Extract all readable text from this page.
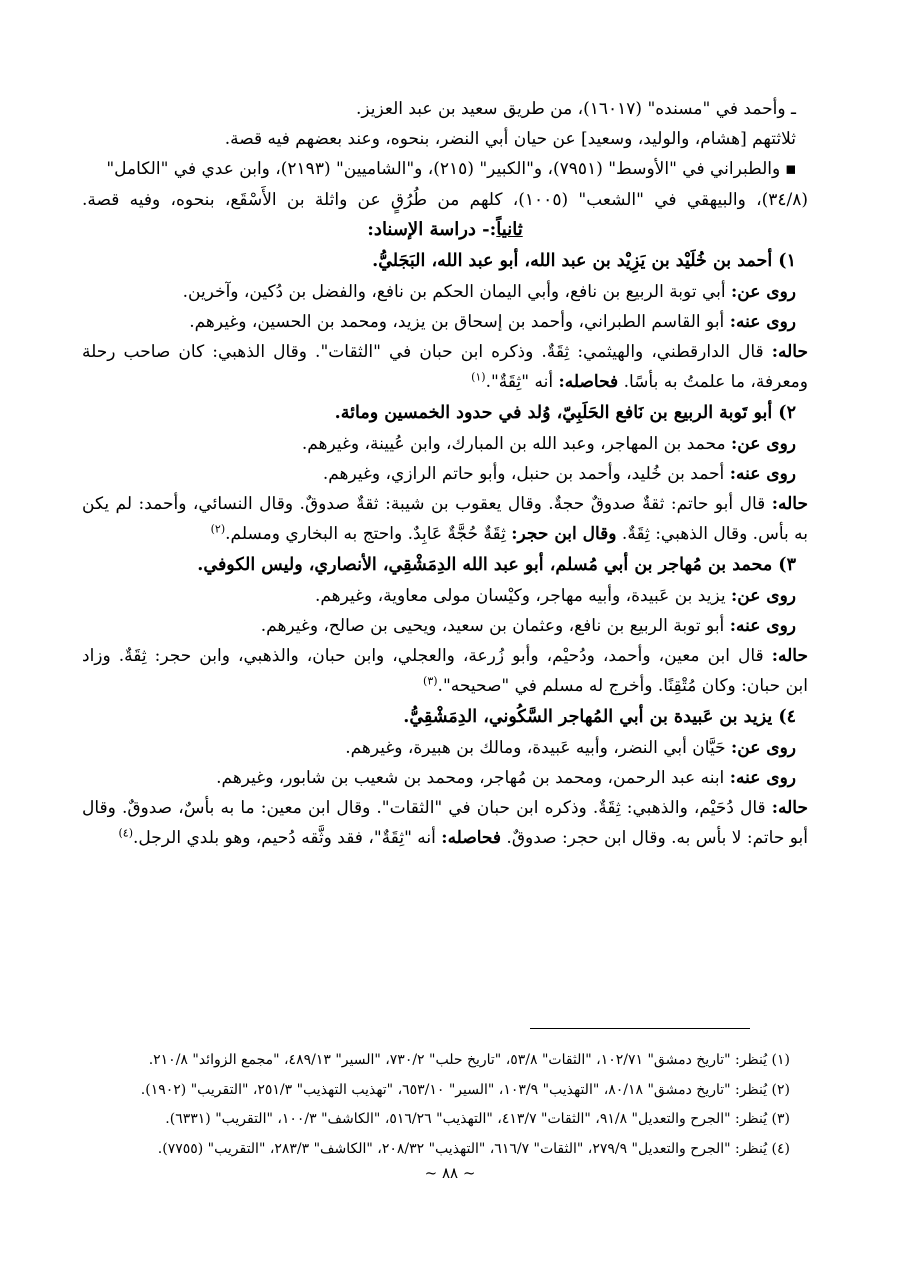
ـ وأحمد في "مسنده" (١٦٠١٧)، من طريق سعيد بن عبد العزيز.
ثلاثتهم [هشام، والوليد، وسعيد] عن حيان أبي النضر، بنحوه، وعند بعضهم فيه قصة.
■ والطبراني في "الأوسط" (٧٩٥١)، و"الكبير" (٢١٥)، و"الشاميين" (٢١٩٣)، وابن عدي في "الكامل"
(٣٤/٨)، والبيهقي في "الشعب" (١٠٠٥)، كلهم من طُرُقٍ عن واثلة بن الأَسْقَع، بنحوه، وفيه قصة.
ثانياً:- دراسة الإسناد:
١) أحمد بن خُلَيْد بن يَزِيْد بن عبد الله، أبو عبد الله، البَجَليُّ.
روى عن: أبي توبة الربيع بن نافع، وأبي اليمان الحكم بن نافع، والفضل بن دُكين، وآخرين.
روى عنه: أبو القاسم الطبراني، وأحمد بن إسحاق بن يزيد، ومحمد بن الحسين، وغيرهم.
حاله: قال الدارقطني، والهيثمي: ثِقَةٌ. وذكره ابن حبان في "الثقات". وقال الذهبي: كان صاحب رحلة
ومعرفة، ما علمتُ به بأسًا. فحاصله: أنه "ثِقَةٌ".$^{(١)}$
٢) أبو تَوبة الربيع بن نَافع الحَلَبِيّ، وُلد في حدود الخمسين ومائة.
روى عن: محمد بن المهاجر، وعبد الله بن المبارك، وابن عُيينة، وغيرهم.
روى عنه: أحمد بن خُليد، وأحمد بن حنبل، وأبو حاتم الرازي، وغيرهم.
حاله: قال أبو حاتم: ثقةٌ صدوقٌ حجةٌ. وقال يعقوب بن شيبة: ثقةٌ صدوقٌ. وقال النسائي، وأحمد: لم يكن
به بأس. وقال الذهبي: ثِقَةٌ. وقال ابن حجر: ثِقَةٌ حُجَّةٌ عَابِدٌ. واحتج به البخاري ومسلم.$^{(٢)}$
٣) محمد بن مُهاجر بن أبي مُسلم، أبو عبد الله الدِمَشْقِي، الأنصاري، وليس الكوفي.
روى عن: يزيد بن عَبيدة، وأبيه مهاجر، وكيْسان مولى معاوية، وغيرهم.
روى عنه: أبو توبة الربيع بن نافع، وعثمان بن سعيد، ويحيى بن صالح، وغيرهم.
حاله: قال ابن معين، وأحمد، ودُحيْم، وأبو زُرعة، والعجلي، وابن حبان، والذهبي، وابن حجر: ثِقَةٌ. وزاد
ابن حبان: وكان مُتْقِنًا. وأخرج له مسلم في "صحيحه".$^{(٣)}$
٤) يزيد بن عَبيدة بن أبي المُهاجر السَّكُوني، الدِمَشْقِيُّ.
روى عن: حَيَّان أبي النضر، وأبيه عَبيدة، ومالك بن هبيرة، وغيرهم.
روى عنه: ابنه عبد الرحمن، ومحمد بن مُهاجر، ومحمد بن شعيب بن شابور، وغيرهم.
حاله: قال دُحَيْم، والذهبي: ثِقَةٌ. وذكره ابن حبان في "الثقات". وقال ابن معين: ما به بأسٌ، صدوقٌ. وقال
أبو حاتم: لا بأس به. وقال ابن حجر: صدوقٌ. فحاصله: أنه "ثِقَةٌ"، فقد وثَّقه دُحيم، وهو بلدي الرجل.$^{(٤)}$
(١) يُنظر: "تاريخ دمشق" ١٠٢/٧١، "الثقات" ٥٣/٨، "تاريخ حلب" ٧٣٠/٢، "السير" ٤٨٩/١٣، "مجمع الزوائد" ٢١٠/٨.
(٢) يُنظر: "تاريخ دمشق" ٨٠/١٨، "التهذيب" ١٠٣/٩، "السير" ٦٥٣/١٠، "تهذيب التهذيب" ٢٥١/٣، "التقريب" (١٩٠٢).
(٣) يُنظر: "الجرح والتعديل" ٩١/٨، "الثقات" ٤١٣/٧، "التهذيب" ٥١٦/٢٦، "الكاشف" ١٠٠/٣، "التقريب" (٦٣٣١).
(٤) يُنظر: "الجرح والتعديل" ٢٧٩/٩، "الثقات" ٦١٦/٧، "التهذيب" ٢٠٨/٣٢، "الكاشف" ٢٨٣/٣، "التقريب" (٧٧٥٥).
~ ٨٨ ~
